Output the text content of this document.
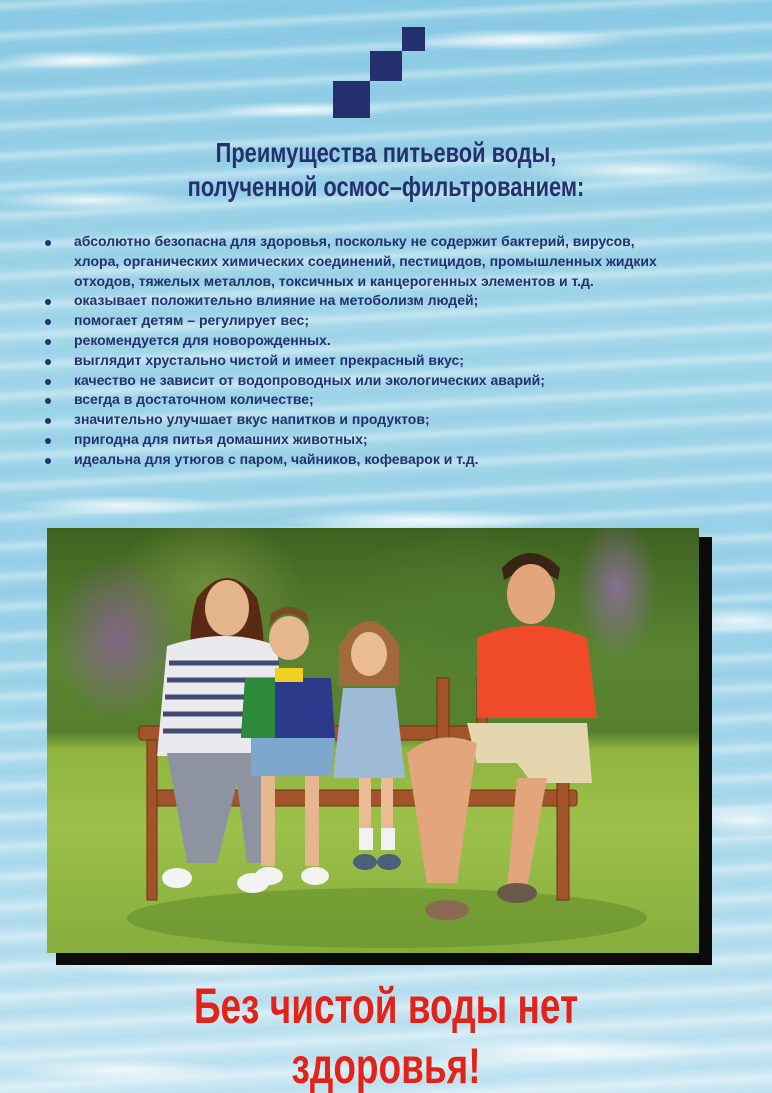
Преимущества питьевой воды,
полученной осмос–фильтрованием:
абсолютно безопасна для здоровья, поскольку не содержит бактерий, вирусов,
хлора, органических химических соединений, пестицидов, промышленных жидких
отходов, тяжелых металлов, токсичных и канцерогенных элементов и т.д.
оказывает положительно влияние на метоболизм людей;
помогает детям – регулирует вес;
рекомендуется для новорожденных.
выглядит хрустально чистой и имеет прекрасный вкус;
качество не зависит от водопроводных или экологических аварий;
всегда в достаточном количестве;
значительно улучшает вкус напитков и продуктов;
пригодна для питья домашних животных;
идеальна для утюгов с паром, чайников, кофеварок и т.д.
Без чистой воды нет здоровья!
